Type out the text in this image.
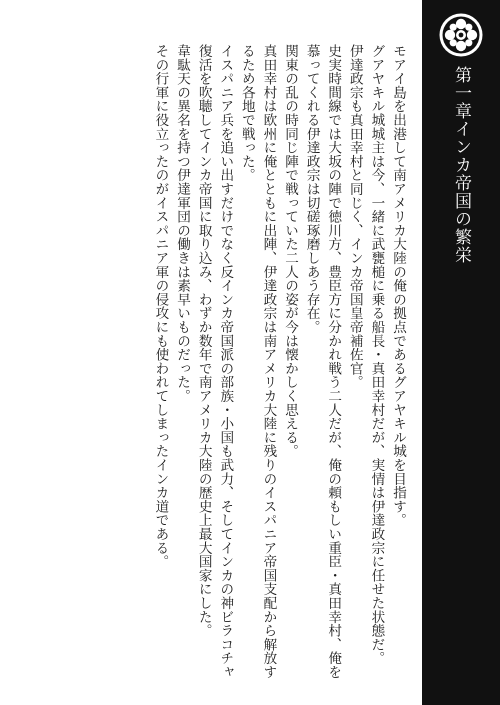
モアイ島を出港して南アメリカ大陸の俺の拠点であるグアヤキル城を目指す。

グアヤキル城城主は今、一緒に武甕槌に乗る船長・真田幸村だが、実情は伊達政宗に任せた状態だ。

伊達政宗も真田幸村と同じく、インカ帝国皇帝補佐官。

史実時間線では大坂の陣で徳川方、豊臣方に分かれ戦う二人だが、俺の頼もしい重臣・真田幸村、俺を慕ってくれる伊達政宗は切磋琢磨しあう存在。

関東の乱の時同じ陣で戦っていた二人の姿が今は懐かしく思える。

真田幸村は欧州に俺とともに出陣、伊達政宗は南アメリカ大陸に残りのイスパニア帝国支配から解放するため各地で戦った。

イスパニア兵を追い出すだけでなく反インカ帝国派の部族・小国も武力、そしてインカの神ビラコチャ復活を吹聴してインカ帝国に取り込み、わずか数年で南アメリカ大陸の歴史上最大国家にした。

韋駄天の異名を持つ伊達軍団の働きは素早いものだった。

その行軍に役立ったのがイスパニア軍の侵攻にも使われてしまったインカ道である。	第一章インカ帝国の繁栄
